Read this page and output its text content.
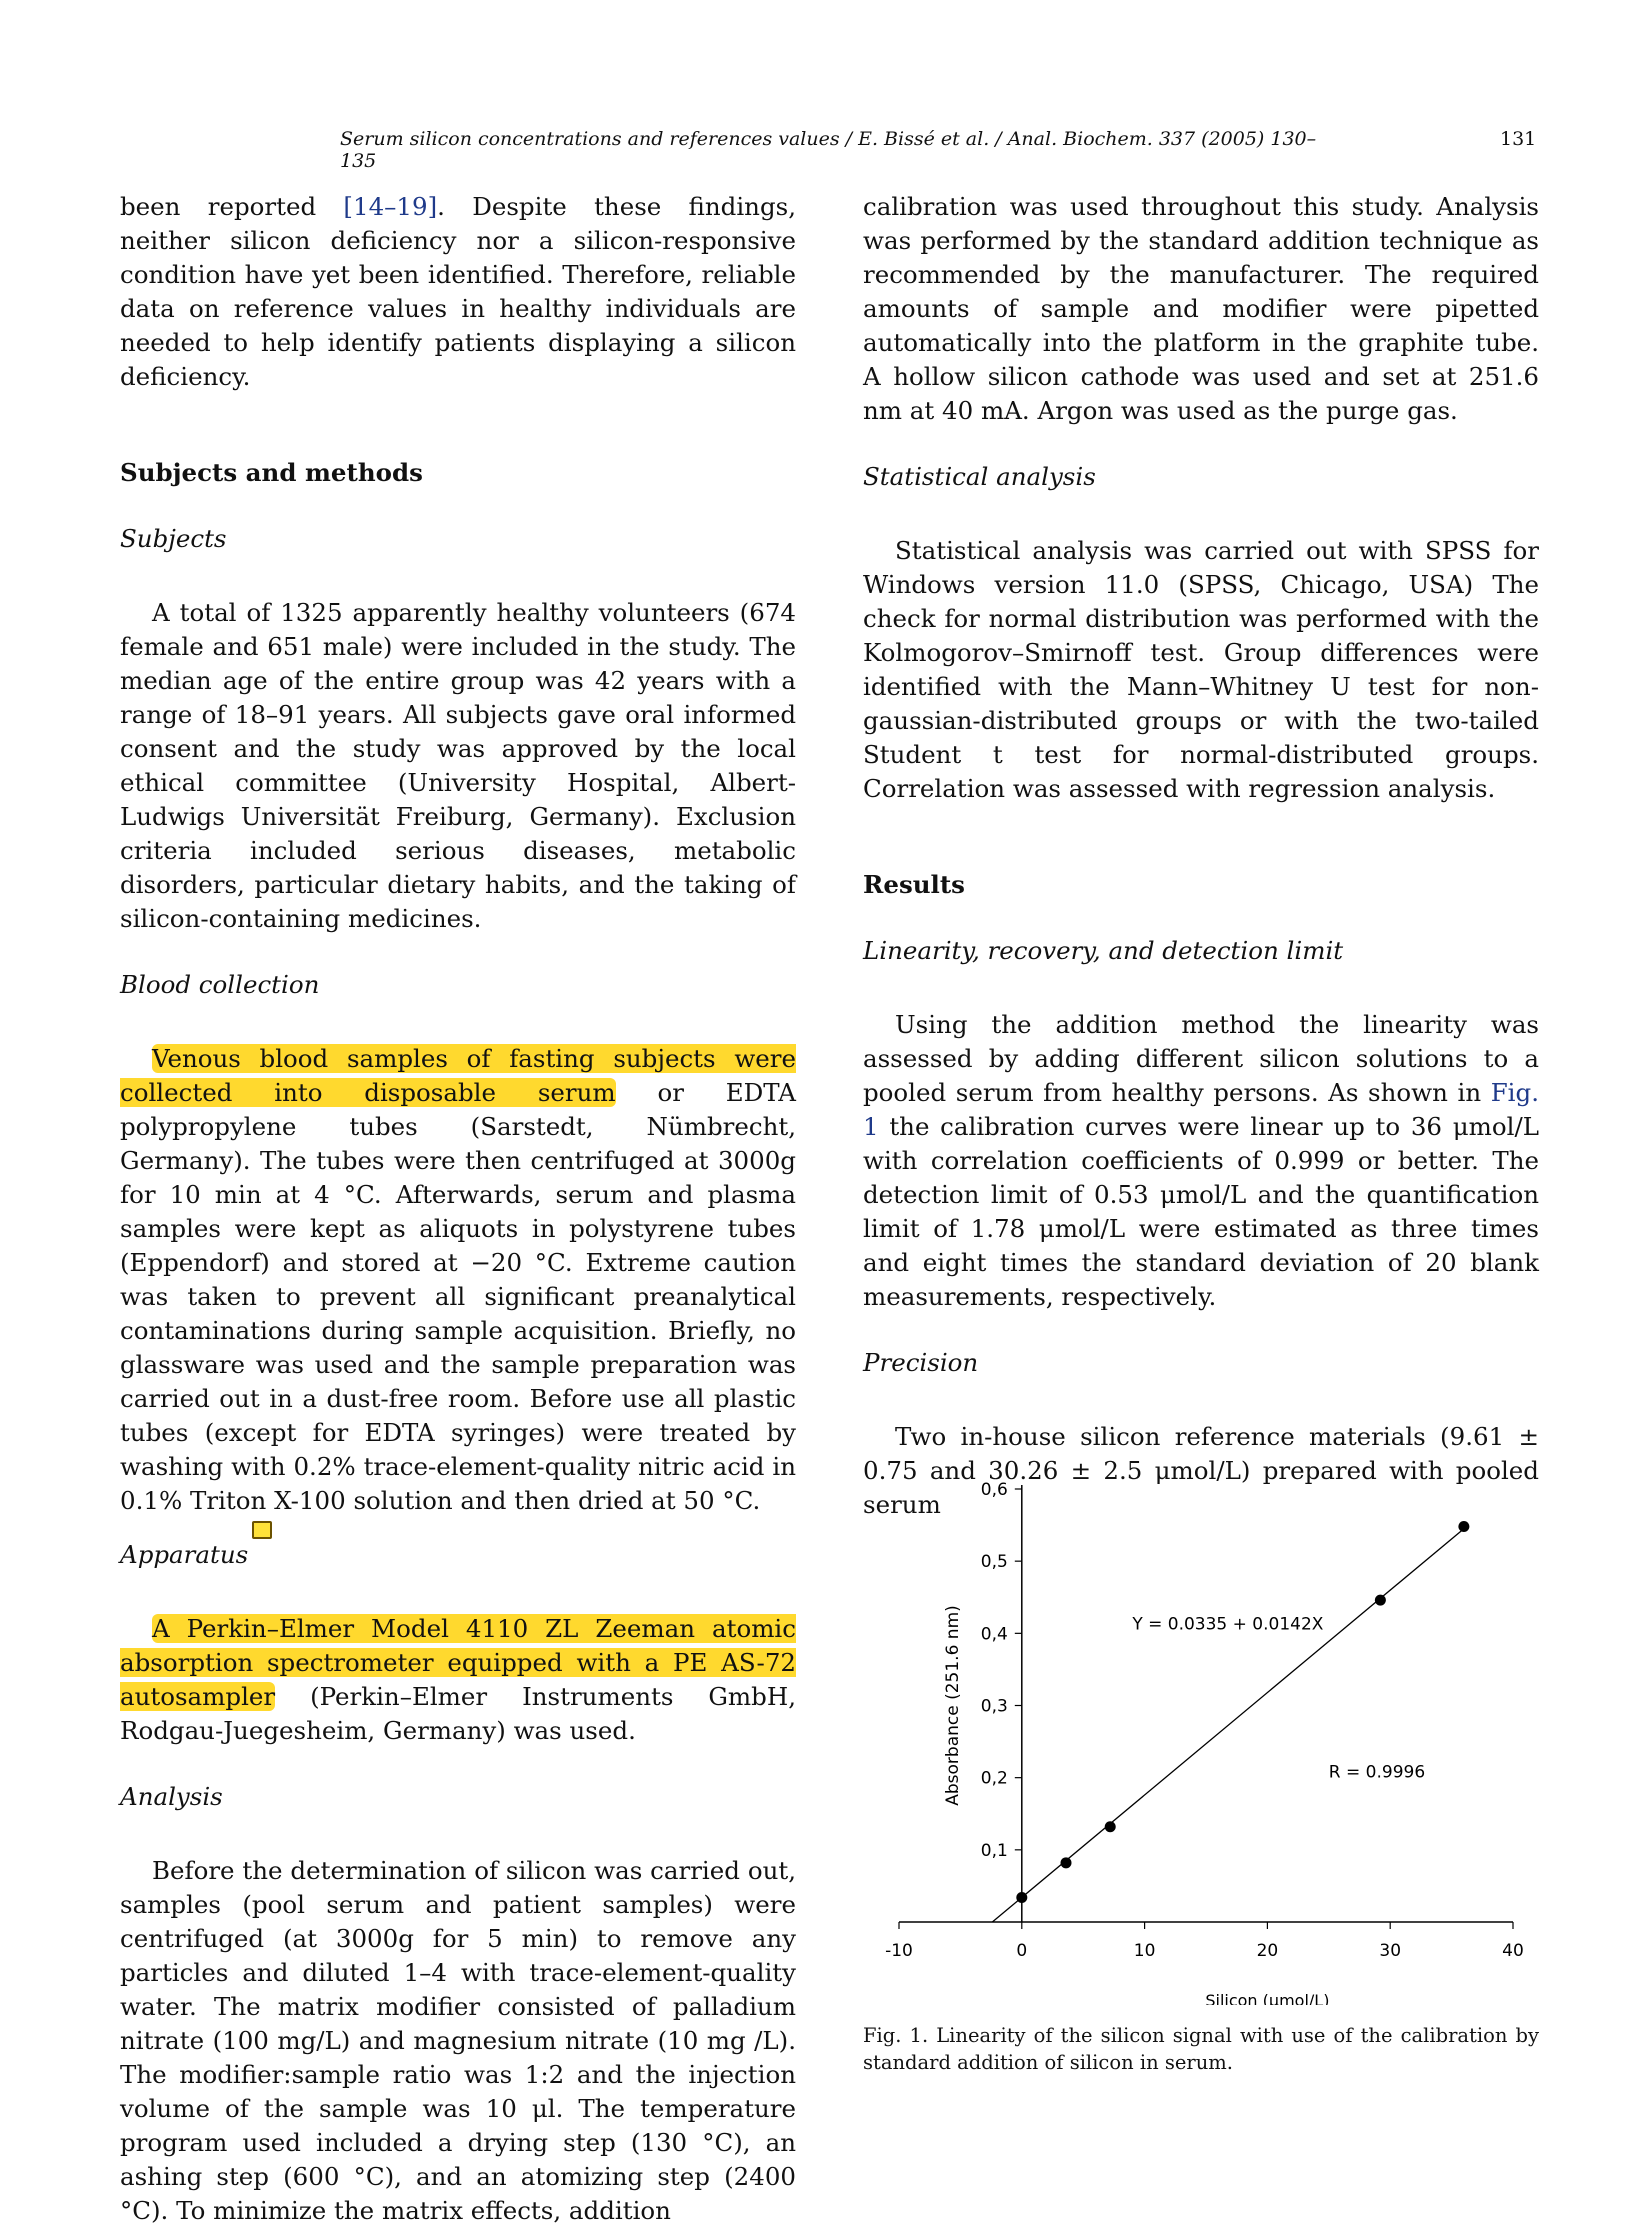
Serum silicon concentrations and references values / E. Bissé et al. / Anal. Biochem. 337 (2005) 130–135
131

been reported [14–19]. Despite these findings, neither silicon deficiency nor a silicon-responsive condition have yet been identified. Therefore, reliable data on reference values in healthy individuals are needed to help identify patients displaying a silicon deficiency.

Subjects and methods
Subjects

A total of 1325 apparently healthy volunteers (674 female and 651 male) were included in the study. The median age of the entire group was 42 years with a range of 18–91 years. All subjects gave oral informed consent and the study was approved by the local ethical committee (University Hospital, Albert-Ludwigs Universität Freiburg, Germany). Exclusion criteria included serious diseases, metabolic disorders, particular dietary habits, and the taking of silicon-containing medicines.

Blood collection

Venous blood samples of fasting subjects were collected into disposable serum or EDTA polypropylene tubes (Sarstedt, Nümbrecht, Germany). The tubes were then centrifuged at 3000g for 10 min at 4 °C. Afterwards, serum and plasma samples were kept as aliquots in polystyrene tubes (Eppendorf) and stored at −20 °C. Extreme caution was taken to prevent all significant preanalytical contaminations during sample acquisition. Briefly, no glassware was used and the sample preparation was carried out in a dust-free room. Before use all plastic tubes (except for EDTA syringes) were treated by washing with 0.2% trace-element-quality nitric acid in 0.1% Triton X-100 solution and then dried at 50 °C.

Apparatus

A Perkin–Elmer Model 4110 ZL Zeeman atomic absorption spectrometer equipped with a PE AS-72 autosampler (Perkin–Elmer Instruments GmbH, Rodgau-Juegesheim, Germany) was used.

Analysis

Before the determination of silicon was carried out, samples (pool serum and patient samples) were centrifuged (at 3000g for 5 min) to remove any particles and diluted 1–4 with trace-element-quality water. The matrix modifier consisted of palladium nitrate (100 mg/L) and magnesium nitrate (10 mg /L). The modifier:sample ratio was 1:2 and the injection volume of the sample was 10 μl. The temperature program used included a drying step (130 °C), an ashing step (600 °C), and an atomizing step (2400 °C). To minimize the matrix effects, addition

calibration was used throughout this study. Analysis was performed by the standard addition technique as recommended by the manufacturer. The required amounts of sample and modifier were pipetted automatically into the platform in the graphite tube. A hollow silicon cathode was used and set at 251.6 nm at 40 mA. Argon was used as the purge gas.

Statistical analysis

Statistical analysis was carried out with SPSS for Windows version 11.0 (SPSS, Chicago, USA) The check for normal distribution was performed with the Kolmogorov–Smirnoff test. Group differences were identified with the Mann–Whitney U test for non-gaussian-distributed groups or with the two-tailed Student t test for normal-distributed groups. Correlation was assessed with regression analysis.

Results
Linearity, recovery, and detection limit

Using the addition method the linearity was assessed by adding different silicon solutions to a pooled serum from healthy persons. As shown in Fig. 1 the calibration curves were linear up to 36 μmol/L with correlation coefficients of 0.999 or better. The detection limit of 0.53 μmol/L and the quantification limit of 1.78 μmol/L were estimated as three times and eight times the standard deviation of 20 blank measurements, respectively.

Precision

Two in-house silicon reference materials (9.61 ± 0.75 and 30.26 ± 2.5 μmol/L) prepared with pooled serum

-10	0	10	20	30	40
0,1
0,2
0,3
0,4
0,5
0,6
Y = 0.0335 + 0.0142X
R = 0.9996
Silicon (μmol/L)
Absorbance (251.6 nm)
Fig. 1. Linearity of the silicon signal with use of the calibration by standard addition of silicon in serum.
